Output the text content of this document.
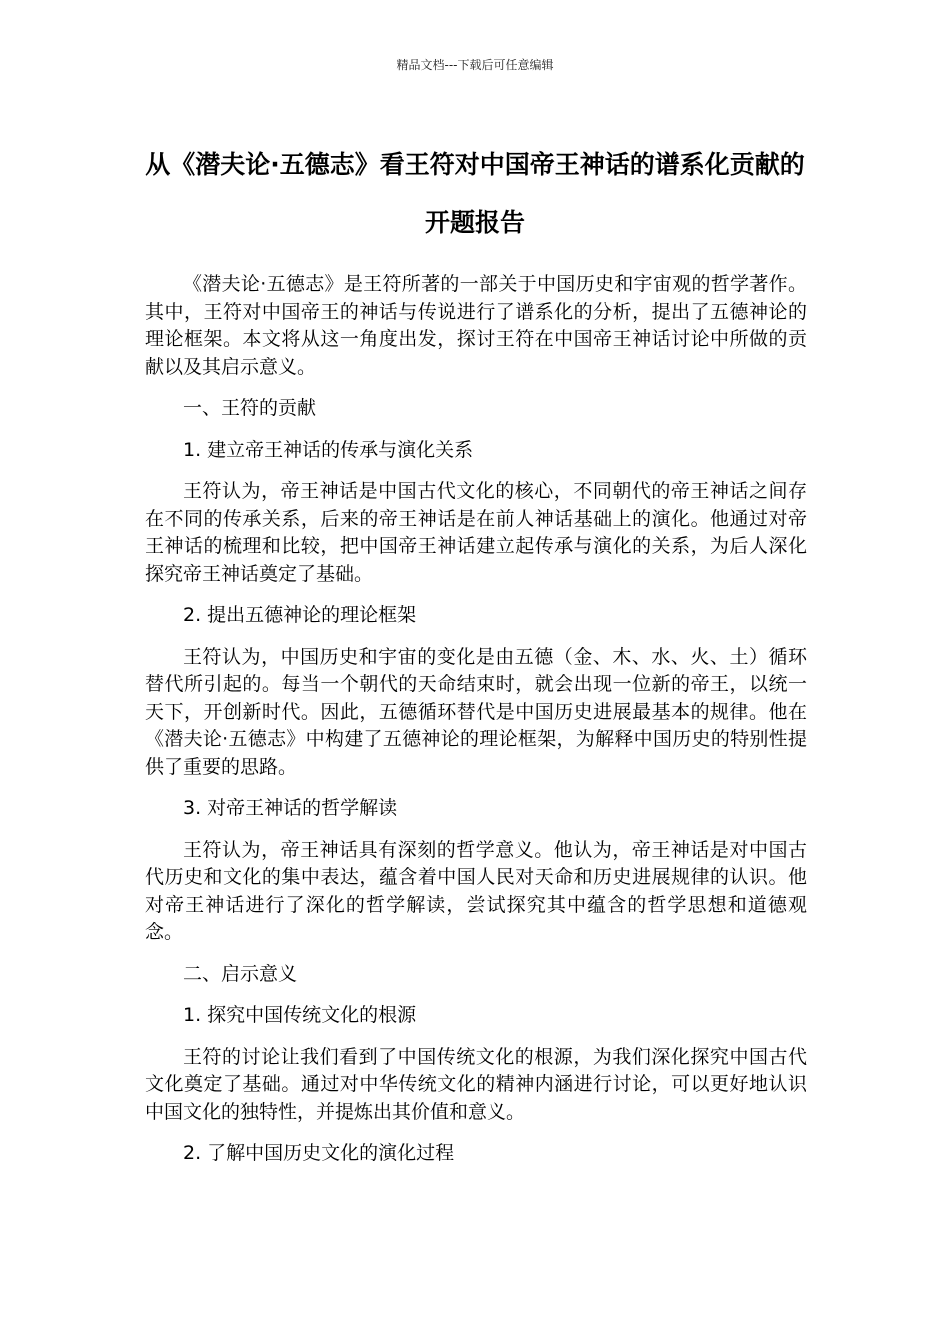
精品文档---下载后可任意编辑
从《潜夫论·五德志》看王符对中国帝王神话的谱系化贡献的开题报告

《潜夫论·五德志》是王符所著的一部关于中国历史和宇宙观的哲学著作。其中，王符对中国帝王的神话与传说进行了谱系化的分析，提出了五德神论的理论框架。本文将从这一角度出发，探讨王符在中国帝王神话讨论中所做的贡献以及其启示意义。

一、王符的贡献

1. 建立帝王神话的传承与演化关系

王符认为，帝王神话是中国古代文化的核心，不同朝代的帝王神话之间存在不同的传承关系，后来的帝王神话是在前人神话基础上的演化。他通过对帝王神话的梳理和比较，把中国帝王神话建立起传承与演化的关系，为后人深化探究帝王神话奠定了基础。

2. 提出五德神论的理论框架

王符认为，中国历史和宇宙的变化是由五德（金、木、水、火、土）循环替代所引起的。每当一个朝代的天命结束时，就会出现一位新的帝王，以统一天下，开创新时代。因此，五德循环替代是中国历史进展最基本的规律。他在《潜夫论·五德志》中构建了五德神论的理论框架，为解释中国历史的特别性提供了重要的思路。

3. 对帝王神话的哲学解读

王符认为，帝王神话具有深刻的哲学意义。他认为，帝王神话是对中国古代历史和文化的集中表达，蕴含着中国人民对天命和历史进展规律的认识。他对帝王神话进行了深化的哲学解读，尝试探究其中蕴含的哲学思想和道德观念。

二、启示意义

1. 探究中国传统文化的根源

王符的讨论让我们看到了中国传统文化的根源，为我们深化探究中国古代文化奠定了基础。通过对中华传统文化的精神内涵进行讨论，可以更好地认识中国文化的独特性，并提炼出其价值和意义。

2. 了解中国历史文化的演化过程
